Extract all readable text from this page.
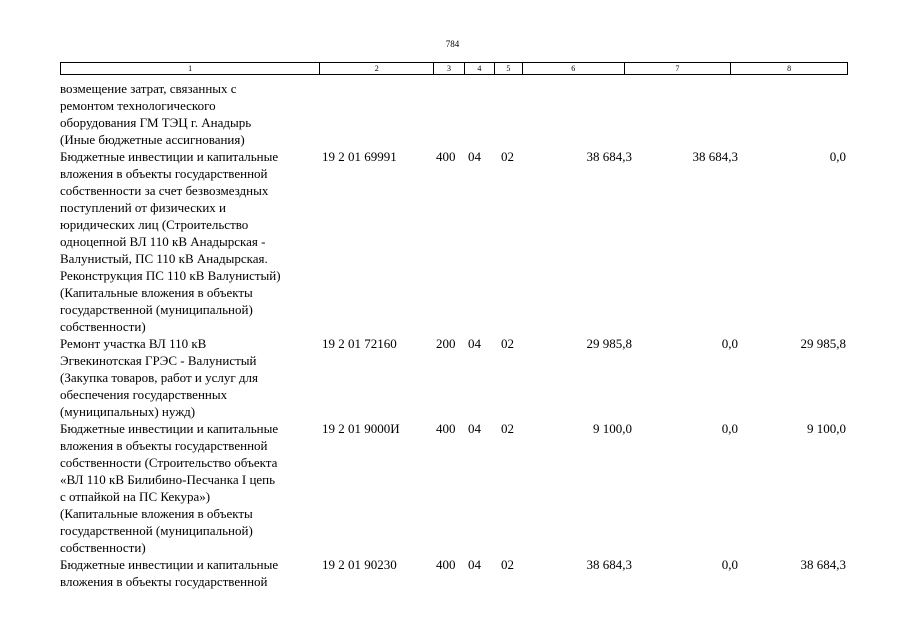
784
1	2	3	4	5	6	7	8
возмещение затрат, связанных с
ремонтом технологического
оборудования ГМ ТЭЦ г. Анадырь
(Иные бюджетные ассигнования)
Бюджетные инвестиции и капитальные
вложения в объекты государственной
собственности за счет безвозмездных
поступлений от физических и
юридических лиц (Строительство
одноцепной ВЛ 110 кВ Анадырская -
Валунистый, ПС 110 кВ Анадырская.
Реконструкция ПС 110 кВ Валунистый)
(Капитальные вложения в объекты
государственной (муниципальной)
собственности)
19 2 01 69991	400 04 02	38 684,3	38 684,3	0,0
Ремонт участка ВЛ 110 кВ
Эгвекинотская ГРЭС - Валунистый
(Закупка товаров, работ и услуг для
обеспечения государственных
(муниципальных) нужд)
19 2 01 72160	200 04 02	29 985,8	0,0	29 985,8
Бюджетные инвестиции и капитальные
вложения в объекты государственной
собственности (Строительство объекта
«ВЛ 110 кВ Билибино-Песчанка I цепь
с отпайкой на ПС Кекура»)
(Капитальные вложения в объекты
государственной (муниципальной)
собственности)
19 2 01 9000И	400 04 02	9 100,0	0,0	9 100,0
Бюджетные инвестиции и капитальные
вложения в объекты государственной
19 2 01 90230	400 04 02	38 684,3	0,0	38 684,3
